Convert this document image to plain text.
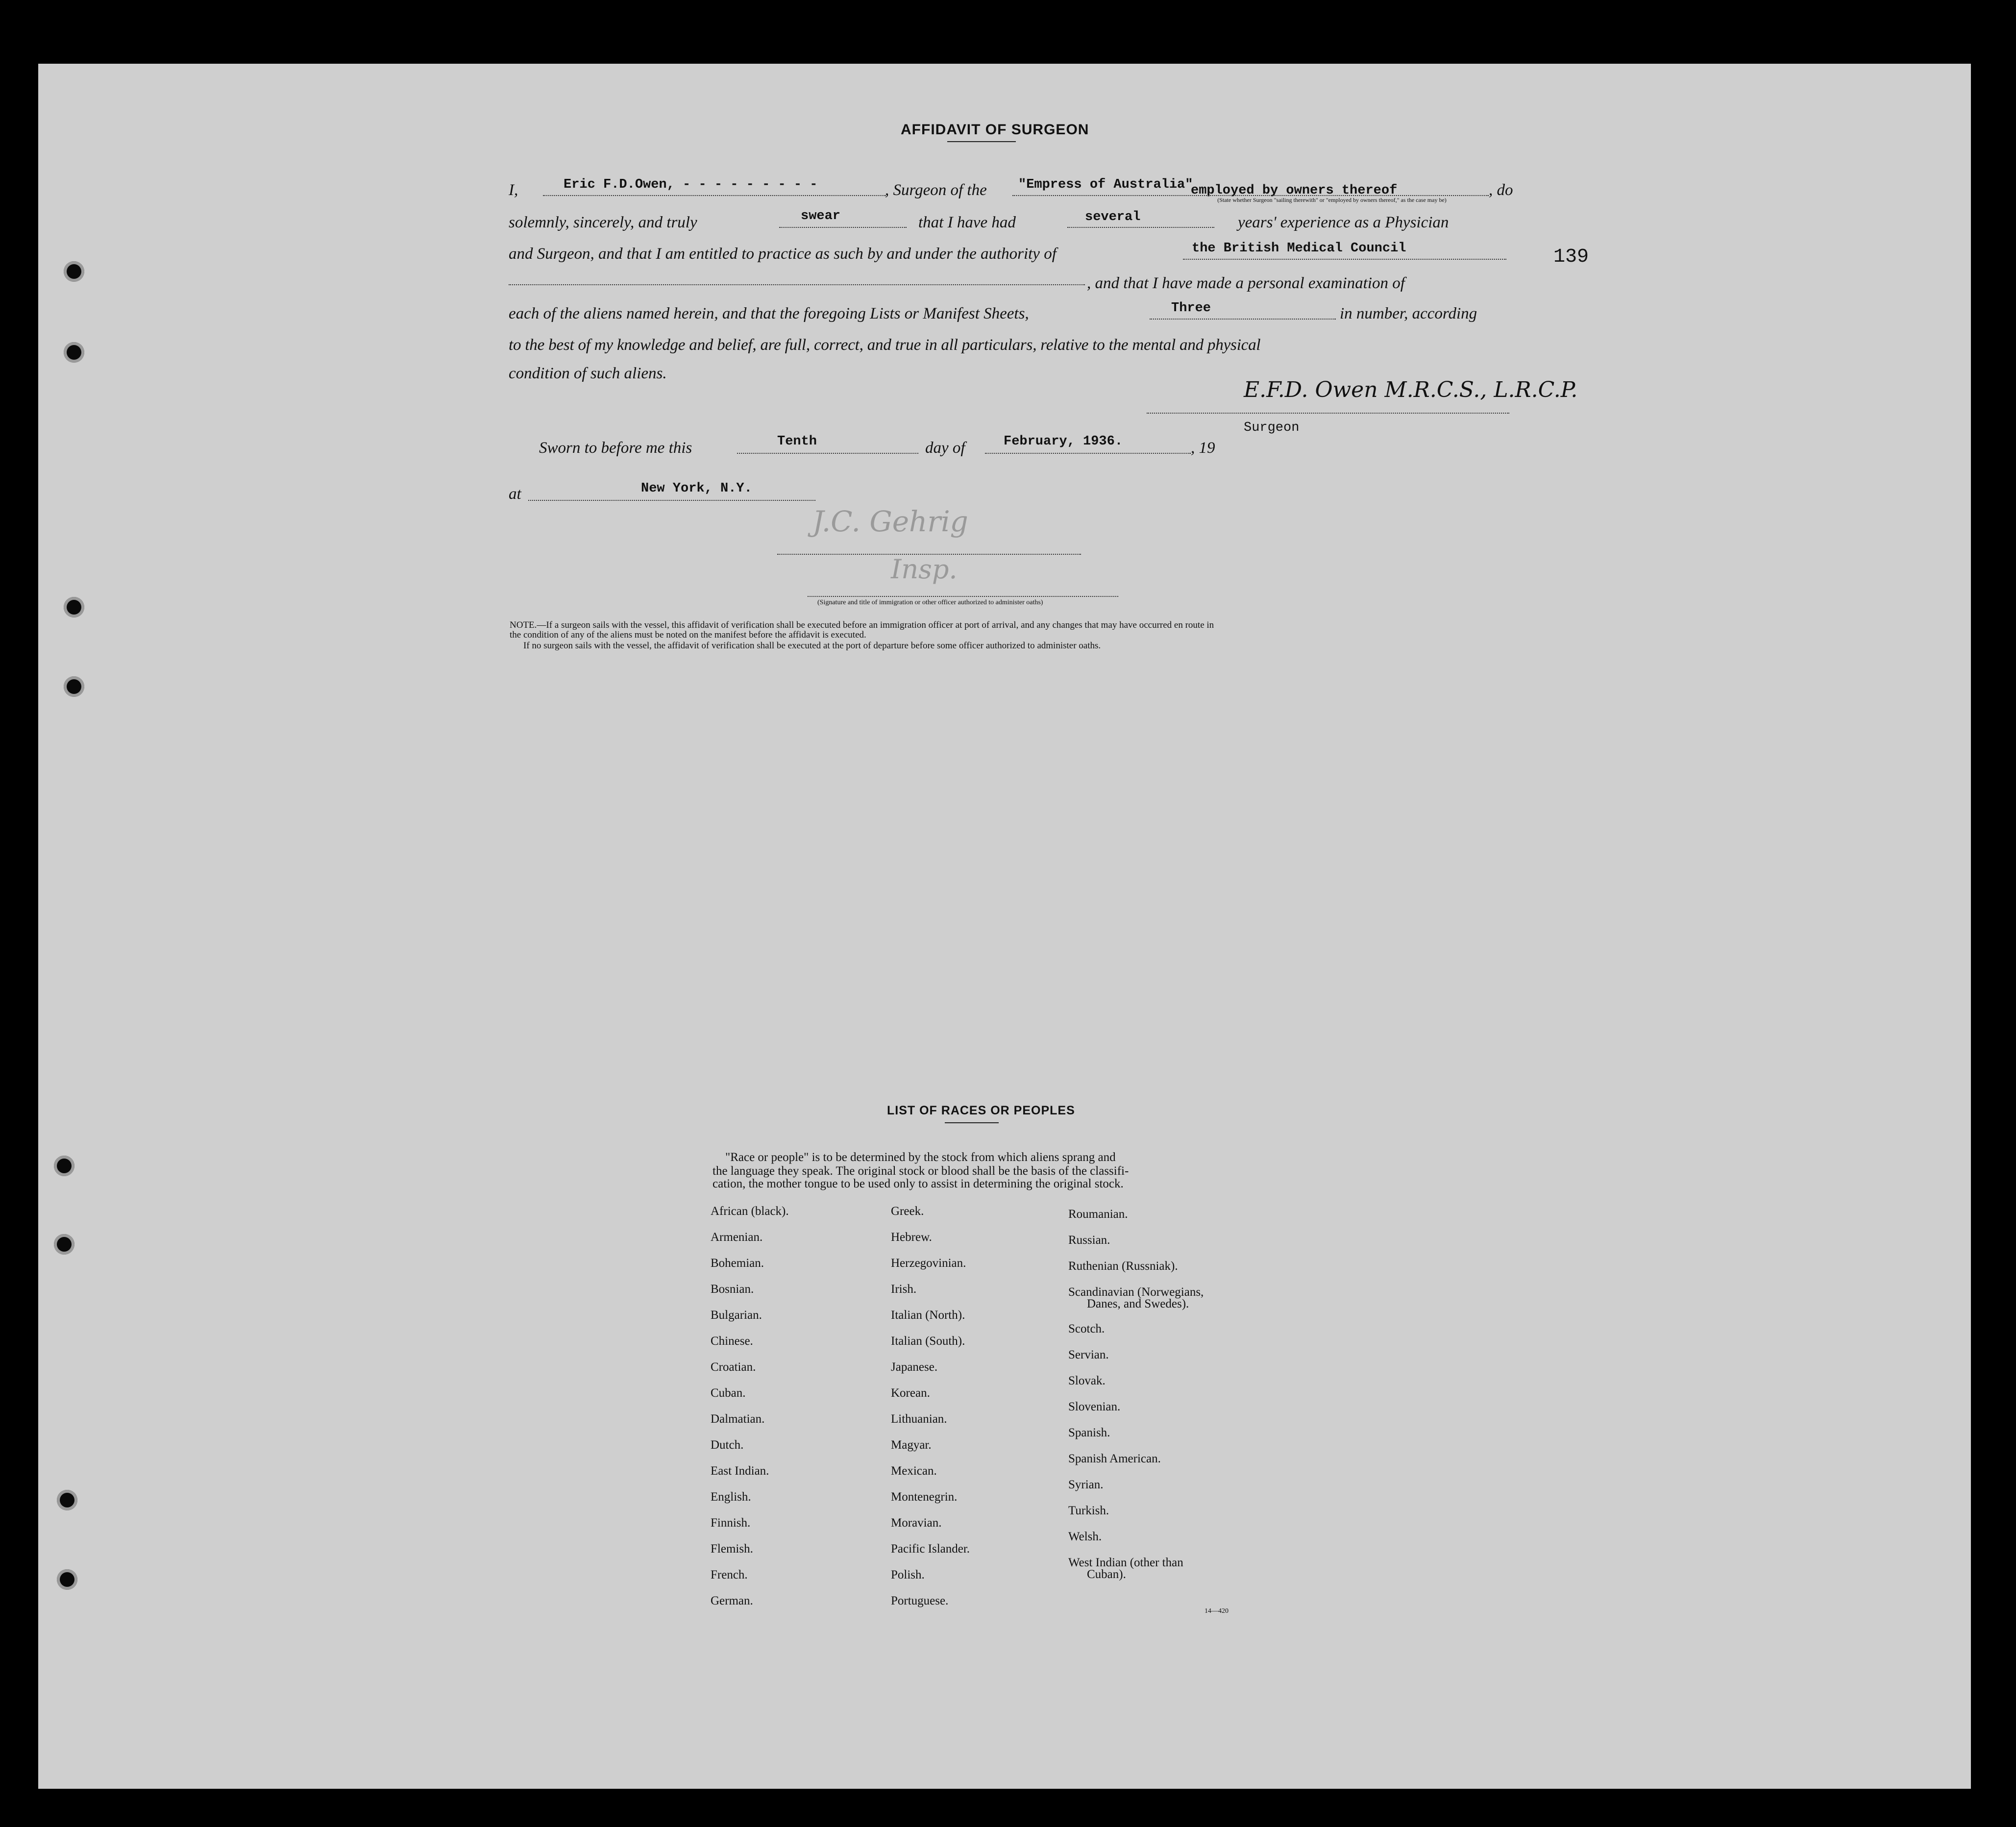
139
AFFIDAVIT OF SURGEON
I,	Eric F.D.Owen, - - - - - - - - -	, Surgeon of the "Empress of Australia"
employed by owners thereof	, do
(State whether Surgeon "sailing therewith" or "employed by owners thereof," as the case may be)
solemnly, sincerely, and truly	swear	that I have had	several	years' experience as a Physician
and Surgeon, and that I am entitled to practice as such by and under the authority of	the British Medical Council
, and that I have made a personal examination of
each of the aliens named herein, and that the foregoing Lists or Manifest Sheets,	Three	in number, according
to the best of my knowledge and belief, are full, correct, and true in all particulars, relative to the mental and physical
condition of such aliens.
E.F.D. Owen M.R.C.S., L.R.C.P.
Surgeon
Sworn to before me this	Tenth	day of	February, 1936.	, 19
at	New York, N.Y.
J.C. Gehrig
Insp.
(Signature and title of immigration or other officer authorized to administer oaths)
NOTE.—If a surgeon sails with the vessel, this affidavit of verification shall be executed before an immigration officer at port of arrival, and any changes that may have occurred en route in
the condition of any of the aliens must be noted on the manifest before the affidavit is executed.
If no surgeon sails with the vessel, the affidavit of verification shall be executed at the port of departure before some officer authorized to administer oaths.
LIST OF RACES OR PEOPLES
"Race or people" is to be determined by the stock from which aliens sprang and
the language they speak. The original stock or blood shall be the basis of the classifi-
cation, the mother tongue to be used only to assist in determining the original stock.
African (black).
Armenian.
Bohemian.
Bosnian.
Bulgarian.
Chinese.
Croatian.
Cuban.
Dalmatian.
Dutch.
East Indian.
English.
Finnish.
Flemish.
French.
German.
Greek.
Hebrew.
Herzegovinian.
Irish.
Italian (North).
Italian (South).
Japanese.
Korean.
Lithuanian.
Magyar.
Mexican.
Montenegrin.
Moravian.
Pacific Islander.
Polish.
Portuguese.
Roumanian.
Russian.
Ruthenian (Russniak).
Scandinavian (Norwegians,
Danes, and Swedes).
Scotch.
Servian.
Slovak.
Slovenian.
Spanish.
Spanish American.
Syrian.
Turkish.
Welsh.
West Indian (other than
Cuban).
14—420
